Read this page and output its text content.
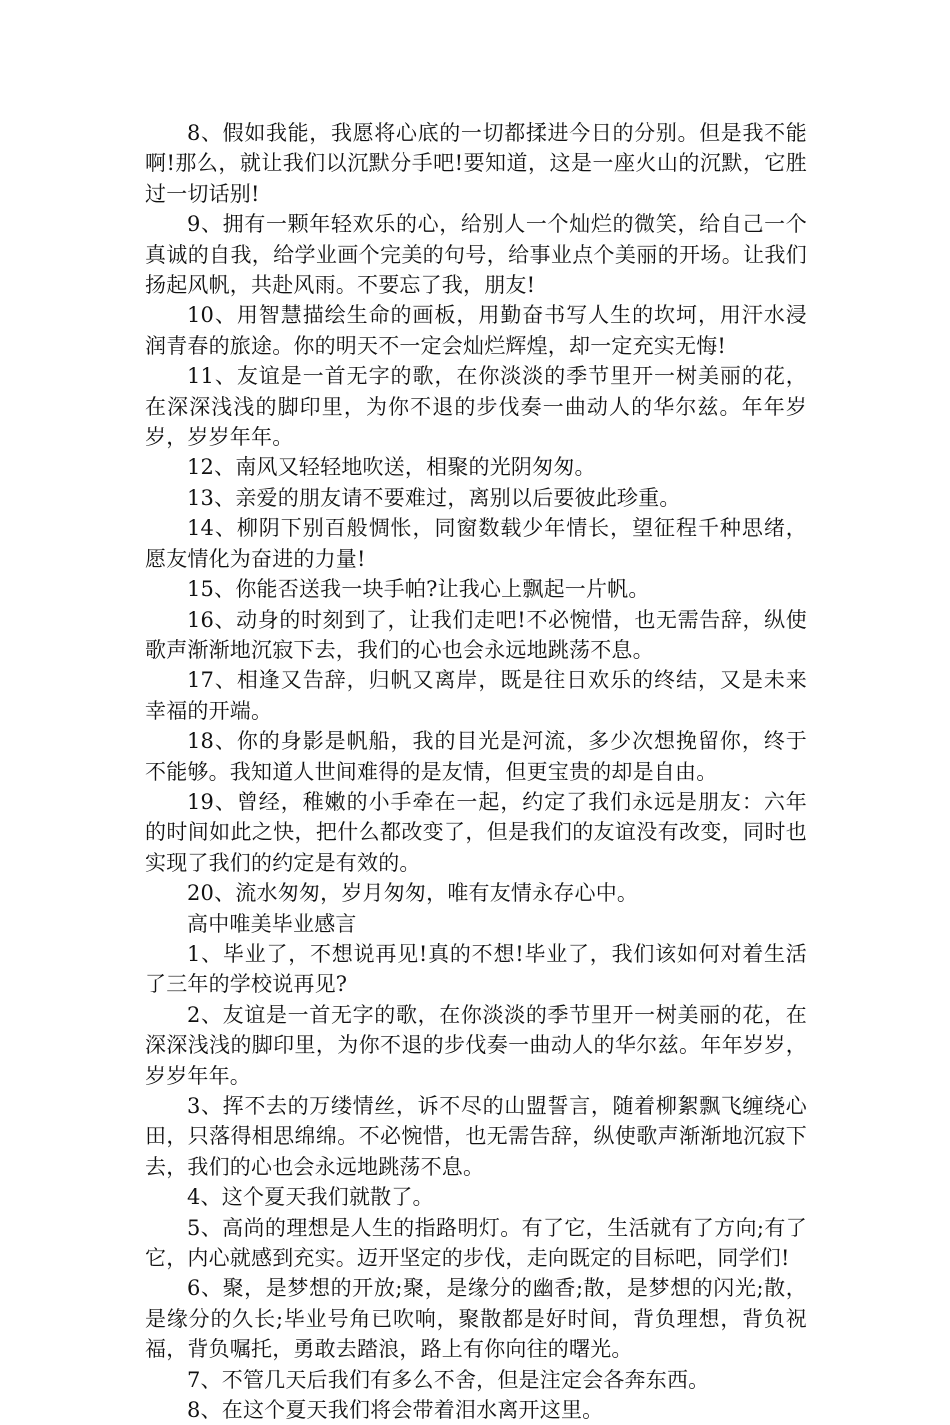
8、假如我能，我愿将心底的一切都揉进今日的分别。但是我不能啊!那么，就让我们以沉默分手吧!要知道，这是一座火山的沉默，它胜过一切话别!

9、拥有一颗年轻欢乐的心，给别人一个灿烂的微笑，给自己一个真诚的自我，给学业画个完美的句号，给事业点个美丽的开场。让我们扬起风帆，共赴风雨。不要忘了我，朋友!

10、用智慧描绘生命的画板，用勤奋书写人生的坎坷，用汗水浸润青春的旅途。你的明天不一定会灿烂辉煌，却一定充实无悔!

11、友谊是一首无字的歌，在你淡淡的季节里开一树美丽的花，在深深浅浅的脚印里，为你不退的步伐奏一曲动人的华尔兹。年年岁岁，岁岁年年。

12、南风又轻轻地吹送，相聚的光阴匆匆。

13、亲爱的朋友请不要难过，离别以后要彼此珍重。

14、柳阴下别百般惆怅，同窗数载少年情长，望征程千种思绪，愿友情化为奋进的力量!

15、你能否送我一块手帕?让我心上飘起一片帆。

16、动身的时刻到了，让我们走吧!不必惋惜，也无需告辞，纵使歌声渐渐地沉寂下去，我们的心也会永远地跳荡不息。

17、相逢又告辞，归帆又离岸，既是往日欢乐的终结，又是未来幸福的开端。

18、你的身影是帆船，我的目光是河流，多少次想挽留你，终于不能够。我知道人世间难得的是友情，但更宝贵的却是自由。

19、曾经，稚嫩的小手牵在一起，约定了我们永远是朋友：六年的时间如此之快，把什么都改变了，但是我们的友谊没有改变，同时也实现了我们的约定是有效的。

20、流水匆匆，岁月匆匆，唯有友情永存心中。

高中唯美毕业感言

1、毕业了，不想说再见!真的不想!毕业了，我们该如何对着生活了三年的学校说再见?

2、友谊是一首无字的歌，在你淡淡的季节里开一树美丽的花，在深深浅浅的脚印里，为你不退的步伐奏一曲动人的华尔兹。年年岁岁，岁岁年年。

3、挥不去的万缕情丝，诉不尽的山盟誓言，随着柳絮飘飞缠绕心田，只落得相思绵绵。不必惋惜，也无需告辞，纵使歌声渐渐地沉寂下去，我们的心也会永远地跳荡不息。

4、这个夏天我们就散了。

5、高尚的理想是人生的指路明灯。有了它，生活就有了方向;有了它，内心就感到充实。迈开坚定的步伐，走向既定的目标吧，同学们!

6、聚，是梦想的开放;聚，是缘分的幽香;散，是梦想的闪光;散，是缘分的久长;毕业号角已吹响，聚散都是好时间，背负理想，背负祝福，背负嘱托，勇敢去踏浪，路上有你向往的曙光。

7、不管几天后我们有多么不舍，但是注定会各奔东西。

8、在这个夏天我们将会带着泪水离开这里。
